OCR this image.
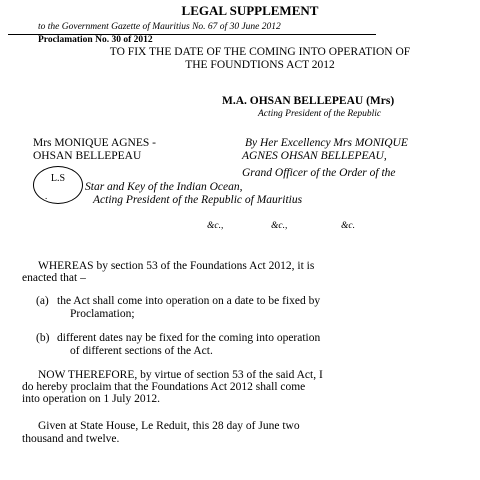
LEGAL SUPPLEMENT
to the Government Gazette of Mauritius No. 67 of 30 June 2012
Proclamation No. 30 of 2012
TO FIX THE DATE OF THE COMING INTO OPERATION OF
THE FOUNDTIONS ACT 2012
M.A. OHSAN BELLEPEAU (Mrs)
Acting President of the Republic
Mrs MONIQUE AGNES -
OHSAN BELLEPEAU
By Her Excellency Mrs MONIQUE
AGNES OHSAN BELLEPEAU,
Grand Officer of the Order of the
L.S
.
Star and Key of the Indian Ocean,
Acting President of the Republic of Mauritius
&c.,	&c.,	&c.
WHEREAS by section 53 of the Foundations Act 2012, it is
enacted that –
(a) the Act shall come into operation on a date to be fixed by
Proclamation;
(b) different dates nay be fixed for the coming into operation
of different sections of the Act.
NOW THEREFORE, by virtue of section 53 of the said Act, I
do hereby proclaim that the Foundations Act 2012 shall come
into operation on 1 July 2012.
Given at State House, Le Reduit, this 28 day of June two
thousand and twelve.
